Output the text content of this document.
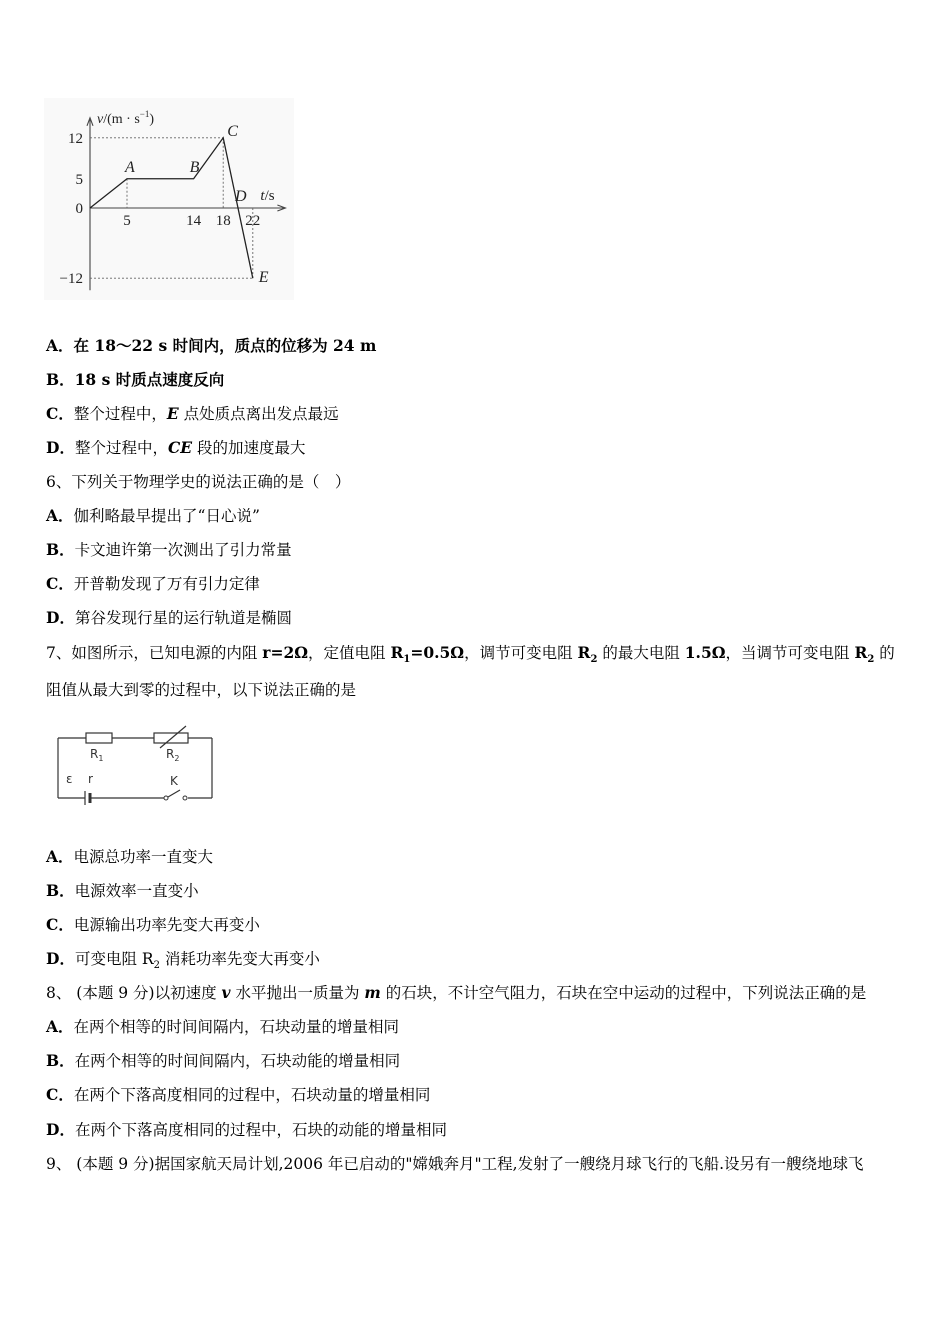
12
5
0
−12
5	14 18 22
A	B
C
D
E
$v/(m \cdot s^{-1})$
t/s
A．在 18～22 s 时间内，质点的位移为 24 m
B．18 s 时质点速度反向
C．整个过程中，E 点处质点离出发点最远
D．整个过程中，CE 段的加速度最大
6、下列关于物理学史的说法正确的是（　）
A．伽利略最早提出了“日心说”
B．卡文迪许第一次测出了引力常量
C．开普勒发现了万有引力定律
D．第谷发现行星的运行轨道是椭圆
7、如图所示，已知电源的内阻 r=2Ω，定值电阻 $R_1=0.5\Omega$，调节可变电阻 $R_2$ 的最大电阻 1.5Ω，当调节可变电阻 $R_2$ 的
阻值从最大到零的过程中，以下说法正确的是
$R_1$	$R_2$
ε r	K
A．电源总功率一直变大
B．电源效率一直变小
C．电源输出功率先变大再变小
D．可变电阻 $R_2$ 消耗功率先变大再变小
8、 (本题 9 分)以初速度 v 水平抛出一质量为 m 的石块，不计空气阻力，石块在空中运动的过程中，下列说法正确的是
A．在两个相等的时间间隔内，石块动量的增量相同
B．在两个相等的时间间隔内，石块动能的增量相同
C．在两个下落高度相同的过程中，石块动量的增量相同
D．在两个下落高度相同的过程中，石块的动能的增量相同
9、 (本题 9 分)据国家航天局计划,2006 年已启动的"嫦娥奔月"工程,发射了一艘绕月球飞行的飞船.设另有一艘绕地球飞
